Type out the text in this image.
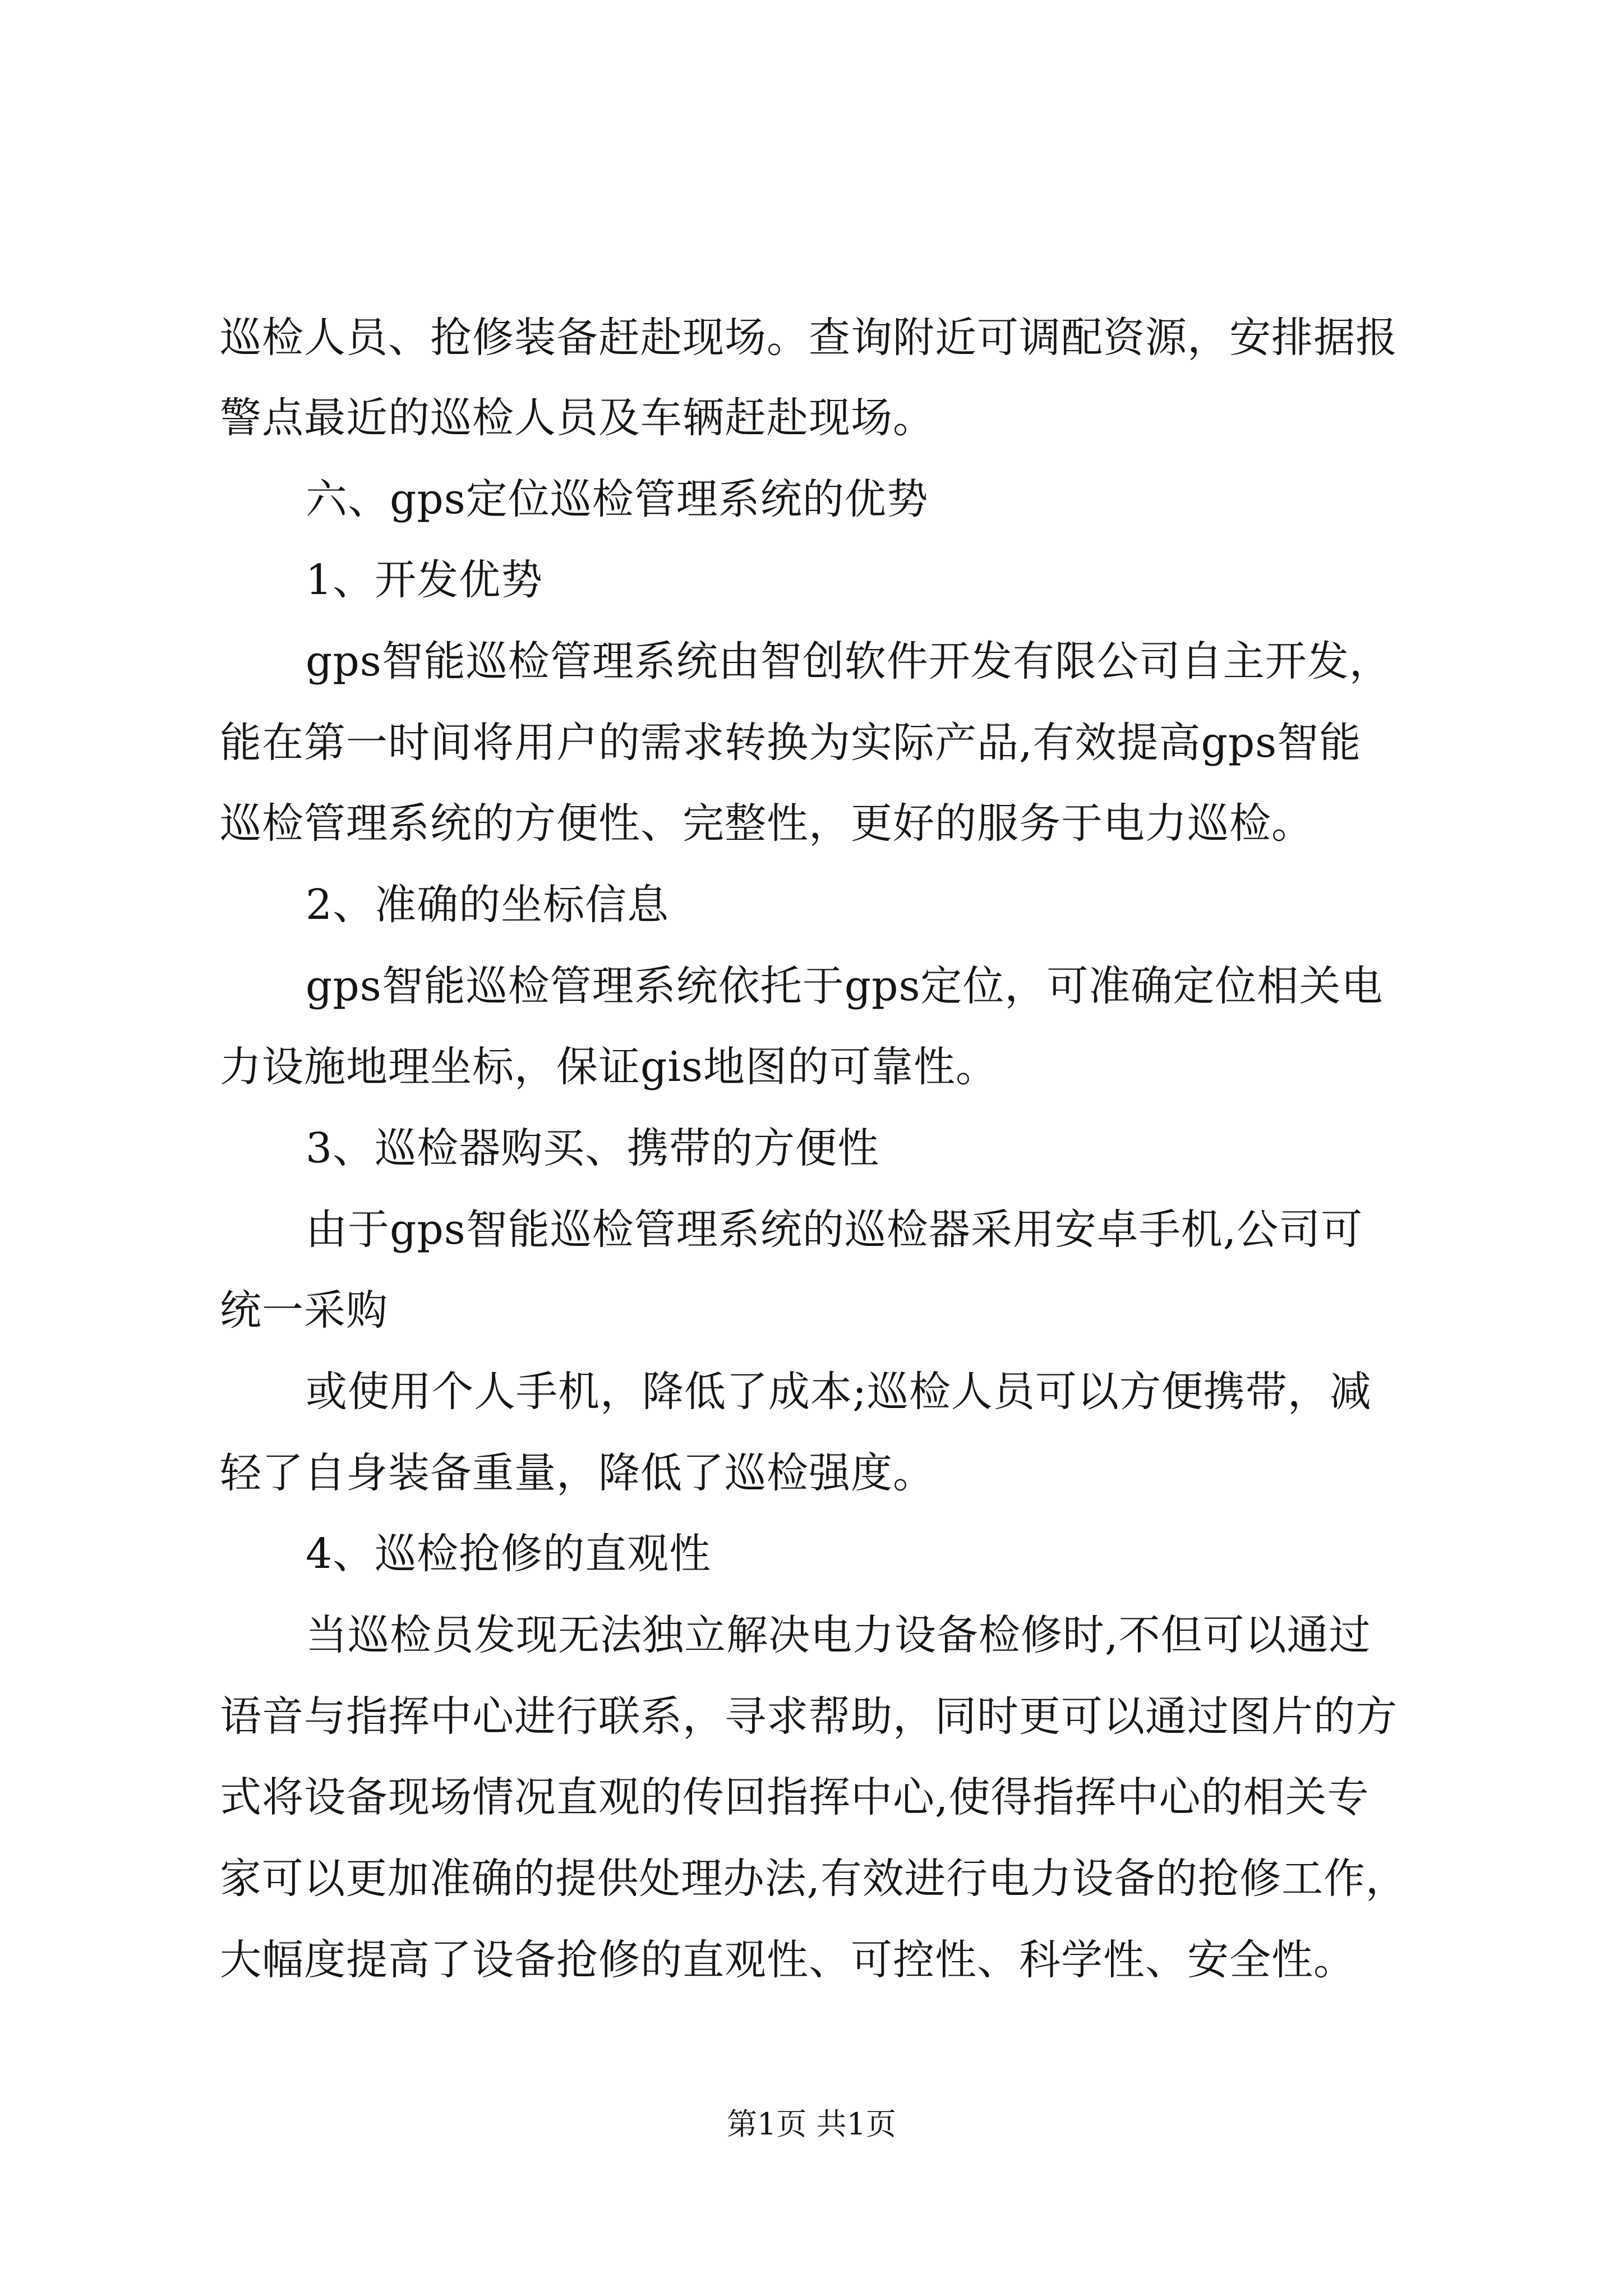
巡检人员、抢修装备赶赴现场。查询附近可调配资源，安排据报
警点最近的巡检人员及车辆赶赴现场。
六、gps定位巡检管理系统的优势
1、开发优势
gps智能巡检管理系统由智创软件开发有限公司自主开发，
能在第一时间将用户的需求转换为实际产品,有效提高gps智能
巡检管理系统的方便性、完整性，更好的服务于电力巡检。
2、准确的坐标信息
gps智能巡检管理系统依托于gps定位，可准确定位相关电
力设施地理坐标，保证gis地图的可靠性。
3、巡检器购买、携带的方便性
由于gps智能巡检管理系统的巡检器采用安卓手机,公司可
统一采购
或使用个人手机，降低了成本;巡检人员可以方便携带，减
轻了自身装备重量，降低了巡检强度。
4、巡检抢修的直观性
当巡检员发现无法独立解决电力设备检修时,不但可以通过
语音与指挥中心进行联系，寻求帮助，同时更可以通过图片的方
式将设备现场情况直观的传回指挥中心,使得指挥中心的相关专
家可以更加准确的提供处理办法,有效进行电力设备的抢修工作，
大幅度提高了设备抢修的直观性、可控性、科学性、安全性。
第1页 共1页
